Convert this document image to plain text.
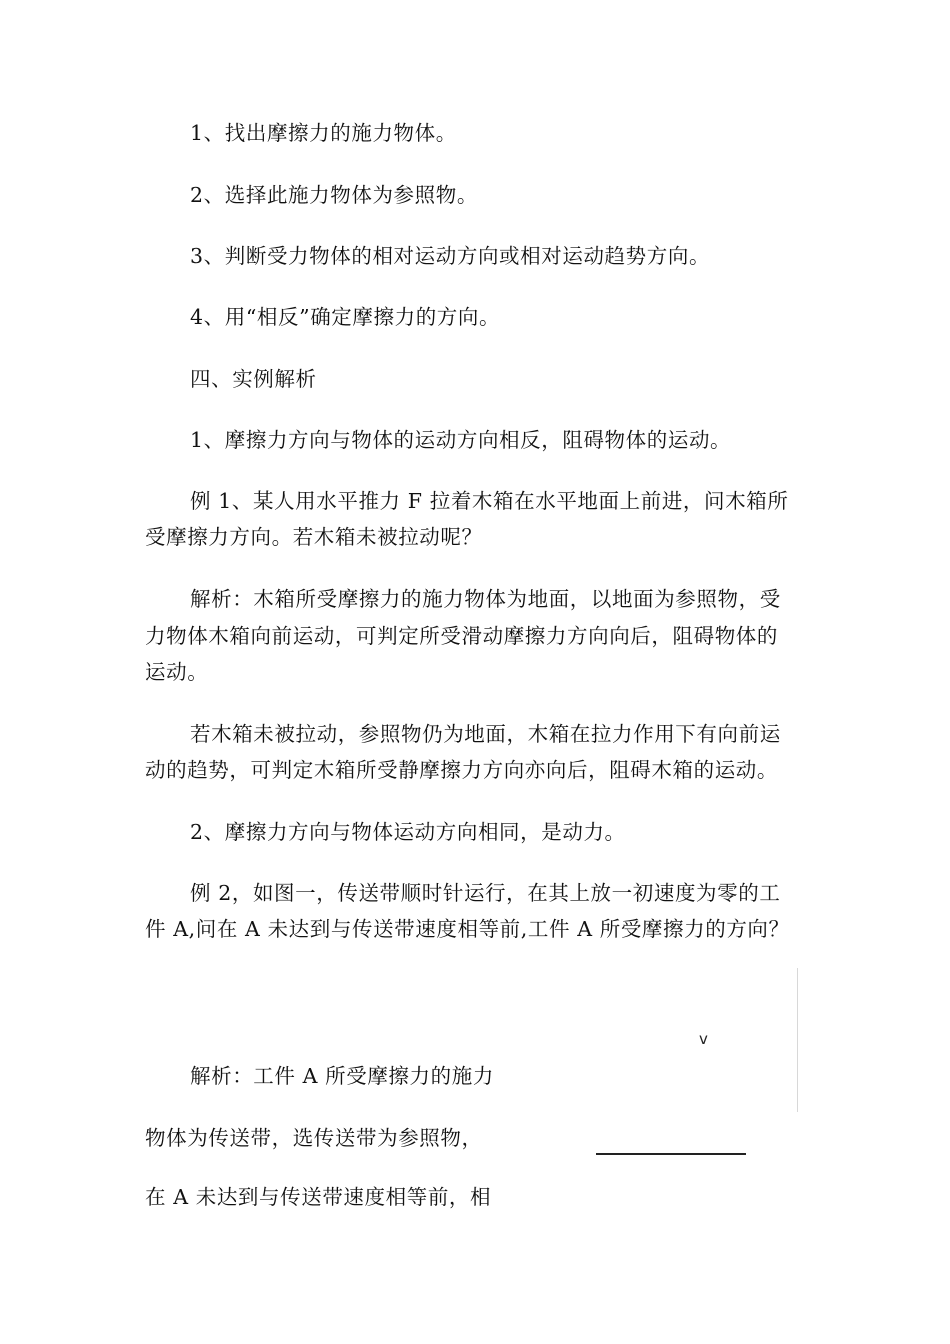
1、找出摩擦力的施力物体。
2、选择此施力物体为参照物。
3、判断受力物体的相对运动方向或相对运动趋势方向。
4、用“相反”确定摩擦力的方向。
四、实例解析
1、摩擦力方向与物体的运动方向相反，阻碍物体的运动。
例 1、某人用水平推力 F 拉着木箱在水平地面上前进，问木箱所
受摩擦力方向。若木箱未被拉动呢？
解析：木箱所受摩擦力的施力物体为地面，以地面为参照物，受
力物体木箱向前运动，可判定所受滑动摩擦力方向向后，阻碍物体的
运动。
若木箱未被拉动，参照物仍为地面，木箱在拉力作用下有向前运
动的趋势，可判定木箱所受静摩擦力方向亦向后，阻碍木箱的运动。
2、摩擦力方向与物体运动方向相同，是动力。
例 2，如图一，传送带顺时针运行，在其上放一初速度为零的工
件 A,问在 A 未达到与传送带速度相等前,工件 A 所受摩擦力的方向？
解析：工件 A 所受摩擦力的施力
物体为传送带，选传送带为参照物，
在 A 未达到与传送带速度相等前，相
v
